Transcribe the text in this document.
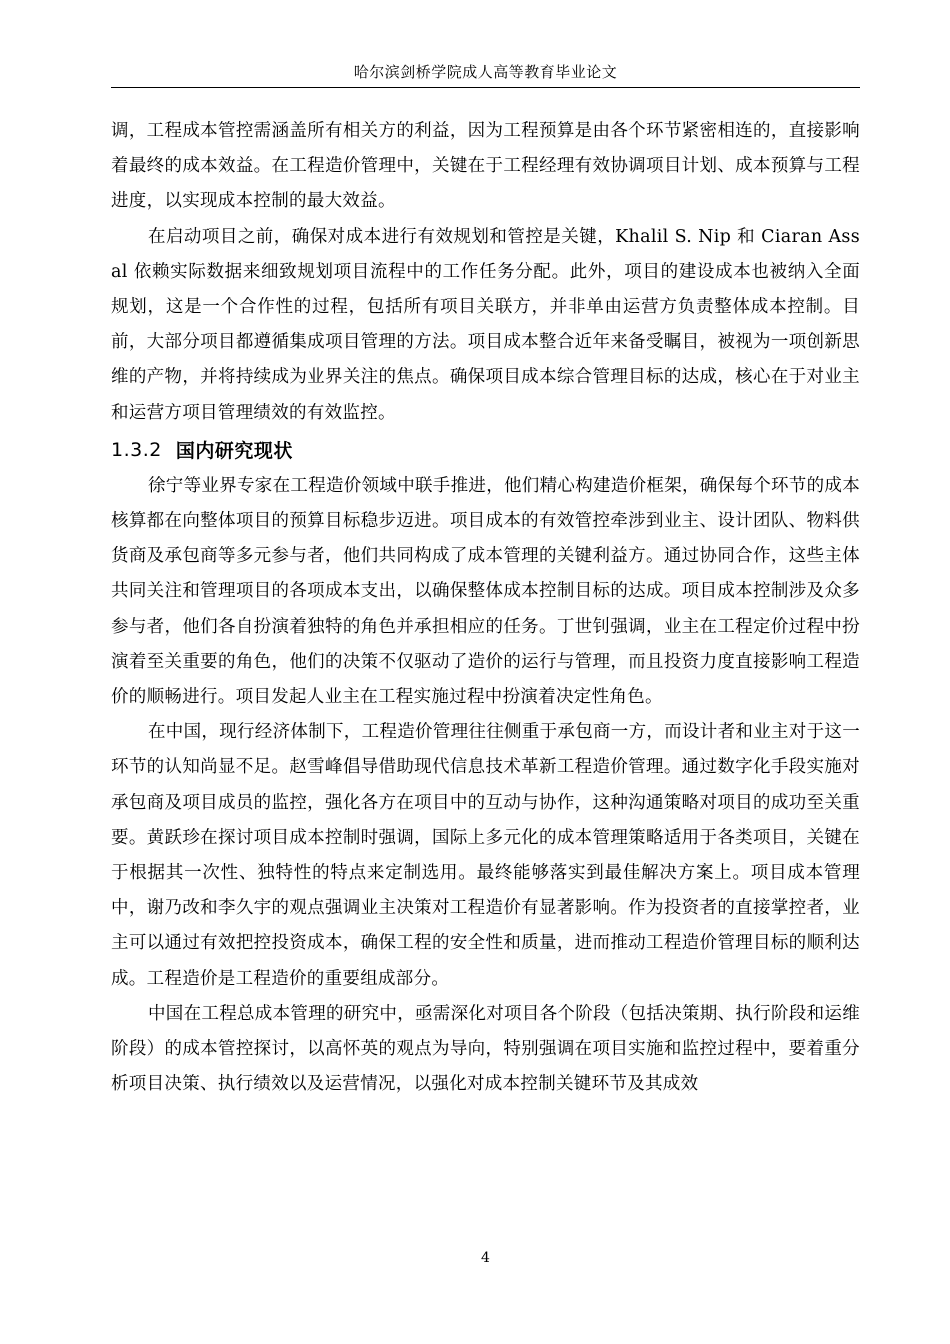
哈尔滨剑桥学院成人高等教育毕业论文

调，工程成本管控需涵盖所有相关方的利益，因为工程预算是由各个环节紧密相连的，直接影响着最终的成本效益。在工程造价管理中，关键在于工程经理有效协调项目计划、成本预算与工程进度，以实现成本控制的最大效益。

在启动项目之前，确保对成本进行有效规划和管控是关键，Khalil S. Nip 和 Ciaran Assal 依赖实际数据来细致规划项目流程中的工作任务分配。此外，项目的建设成本也被纳入全面规划，这是一个合作性的过程，包括所有项目关联方，并非单由运营方负责整体成本控制。目前，大部分项目都遵循集成项目管理的方法。项目成本整合近年来备受瞩目，被视为一项创新思维的产物，并将持续成为业界关注的焦点。确保项目成本综合管理目标的达成，核心在于对业主和运营方项目管理绩效的有效监控。

1.3.2 国内研究现状

徐宁等业界专家在工程造价领域中联手推进，他们精心构建造价框架，确保每个环节的成本核算都在向整体项目的预算目标稳步迈进。项目成本的有效管控牵涉到业主、设计团队、物料供货商及承包商等多元参与者，他们共同构成了成本管理的关键利益方。通过协同合作，这些主体共同关注和管理项目的各项成本支出，以确保整体成本控制目标的达成。项目成本控制涉及众多参与者，他们各自扮演着独特的角色并承担相应的任务。丁世钊强调，业主在工程定价过程中扮演着至关重要的角色，他们的决策不仅驱动了造价的运行与管理，而且投资力度直接影响工程造价的顺畅进行。项目发起人业主在工程实施过程中扮演着决定性角色。

在中国，现行经济体制下，工程造价管理往往侧重于承包商一方，而设计者和业主对于这一环节的认知尚显不足。赵雪峰倡导借助现代信息技术革新工程造价管理。通过数字化手段实施对承包商及项目成员的监控，强化各方在项目中的互动与协作，这种沟通策略对项目的成功至关重要。黄跃珍在探讨项目成本控制时强调，国际上多元化的成本管理策略适用于各类项目，关键在于根据其一次性、独特性的特点来定制选用。最终能够落实到最佳解决方案上。项目成本管理中，谢乃改和李久宇的观点强调业主决策对工程造价有显著影响。作为投资者的直接掌控者，业主可以通过有效把控投资成本，确保工程的安全性和质量，进而推动工程造价管理目标的顺利达成。工程造价是工程造价的重要组成部分。

中国在工程总成本管理的研究中，亟需深化对项目各个阶段（包括决策期、执行阶段和运维阶段）的成本管控探讨，以高怀英的观点为导向，特别强调在项目实施和监控过程中，要着重分析项目决策、执行绩效以及运营情况，以强化对成本控制关键环节及其成效

4
